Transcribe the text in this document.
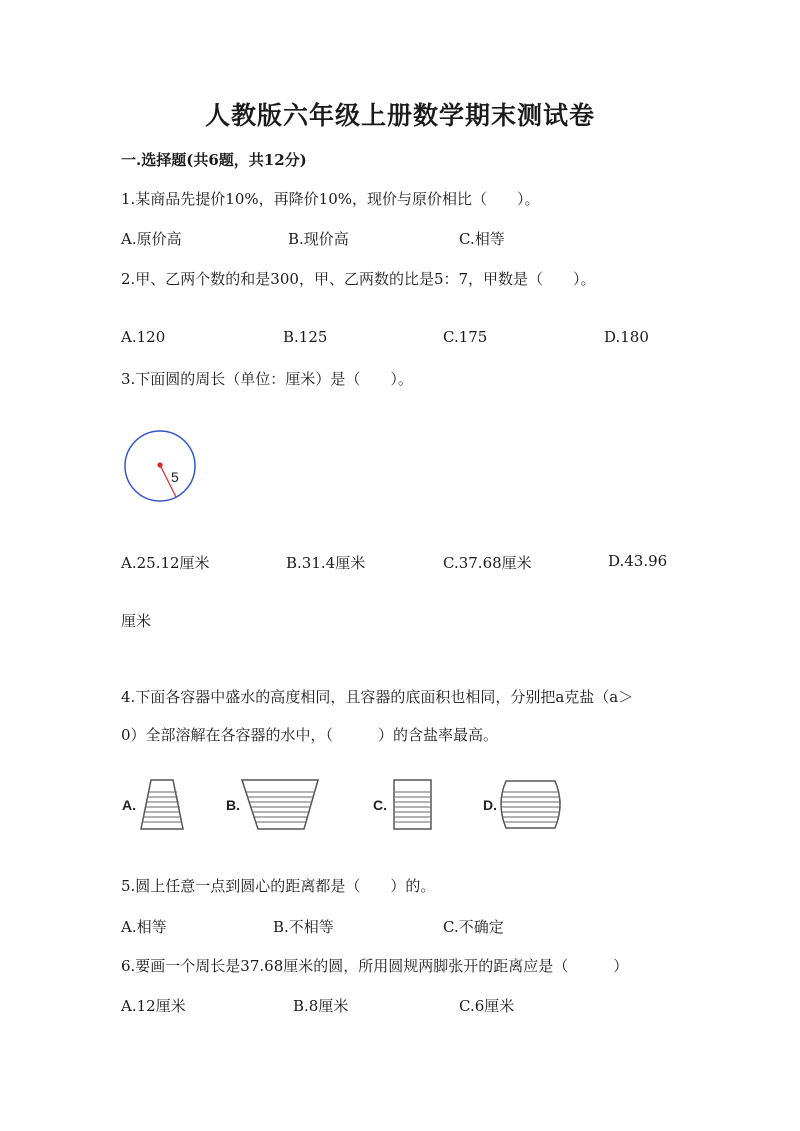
人教版六年级上册数学期末测试卷
一.选择题(共6题，共12分)
1.某商品先提价10%，再降价10%，现价与原价相比（　　）。
A.原价高	B.现价高	C.相等
2.甲、乙两个数的和是300，甲、乙两数的比是5：7，甲数是（　　）。
A.120	B.125	C.175	D.180
3.下面圆的周长（单位：厘米）是（　　）。
5
A.25.12厘米	B.31.4厘米	C.37.68厘米	D.43.96
厘米
4.下面各容器中盛水的高度相同，且容器的底面积也相同，分别把a克盐（a＞
0）全部溶解在各容器的水中，（　　　）的含盐率最高。
A.	B.	C.	D.
5.圆上任意一点到圆心的距离都是（　　）的。
A.相等	B.不相等	C.不确定
6.要画一个周长是37.68厘米的圆，所用圆规两脚张开的距离应是（　　　）
A.12厘米	B.8厘米	C.6厘米
